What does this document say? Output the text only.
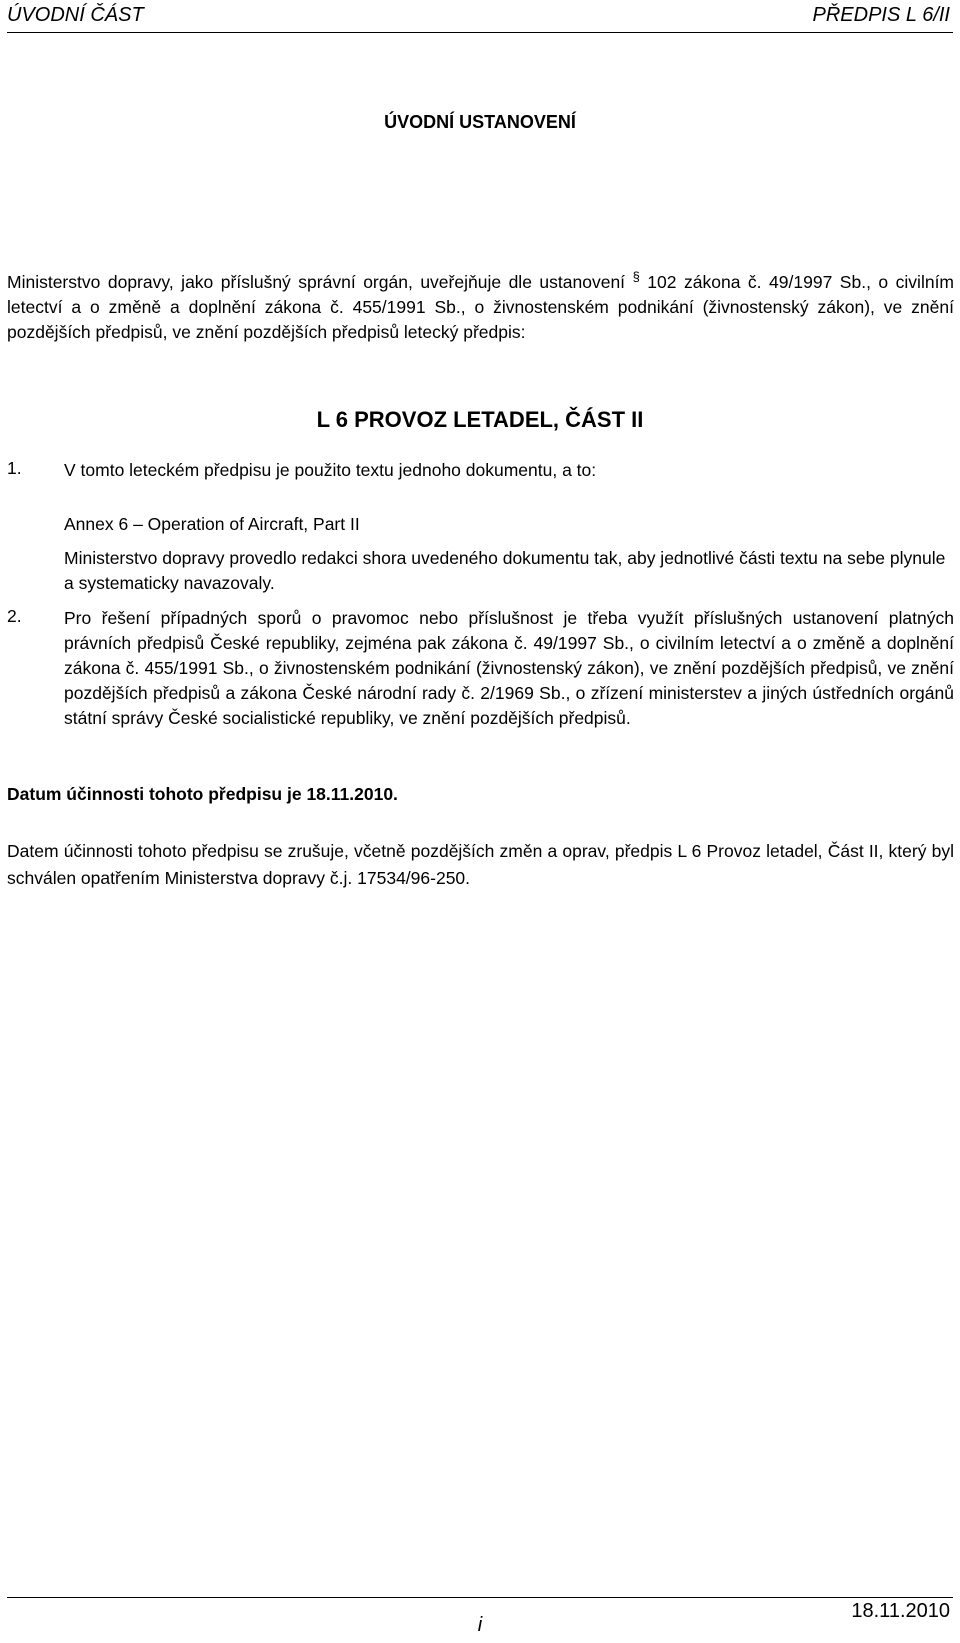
ÚVODNÍ ČÁST	PŘEDPIS L 6/II
ÚVODNÍ USTANOVENÍ
Ministerstvo dopravy, jako příslušný správní orgán, uveřejňuje dle ustanovení § 102 zákona č. 49/1997 Sb., o civilním letectví a o změně a doplnění zákona č. 455/1991 Sb., o živnostenském podnikání (živnostenský zákon), ve znění pozdějších předpisů, ve znění pozdějších předpisů letecký předpis:
L 6 PROVOZ LETADEL, ČÁST II
1. V tomto leteckém předpisu je použito textu jednoho dokumentu, a to:
Annex 6 – Operation of Aircraft, Part II
Ministerstvo dopravy provedlo redakci shora uvedeného dokumentu tak, aby jednotlivé části textu na sebe plynule a systematicky navazovaly.
2. Pro řešení případných sporů o pravomoc nebo příslušnost je třeba využít příslušných ustanovení platných právních předpisů České republiky, zejména pak zákona č. 49/1997 Sb., o civilním letectví a o změně a doplnění zákona č. 455/1991 Sb., o živnostenském podnikání (živnostenský zákon), ve znění pozdějších předpisů, ve znění pozdějších předpisů a zákona České národní rady č. 2/1969 Sb., o zřízení ministerstev a jiných ústředních orgánů státní správy České socialistické republiky, ve znění pozdějších předpisů.
Datum účinnosti tohoto předpisu je 18.11.2010.
Datem účinnosti tohoto předpisu se zrušuje, včetně pozdějších změn a oprav, předpis L 6 Provoz letadel, Část II, který byl schválen opatřením Ministerstva dopravy č.j. 17534/96-250.
18.11.2010
i
